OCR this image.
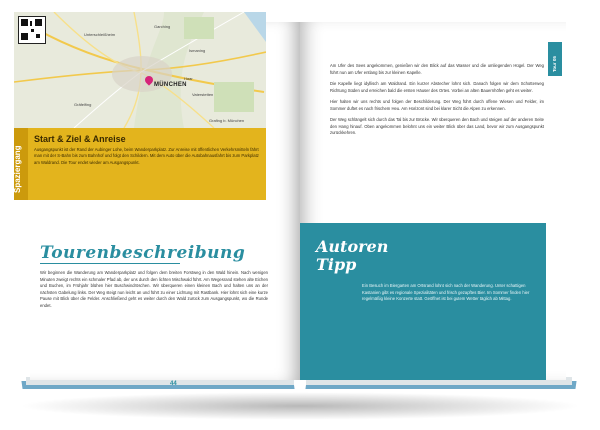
MÜNCHEN
Gräfelfing
Vaterstetten
Grafing b. München
Garching
Unterschleißheim
Haar
Ismaning
Spaziergang
Start & Ziel & Anreise
Ausgangspunkt ist der Rand der Aubinger Lohe, beim Wanderparkplatz. Zur Anreise mit öffentlichen Verkehrsmitteln fährt man mit der S-Bahn bis zum Bahnhof und folgt den Schildern. Mit dem Auto über die Autobahnausfahrt bis zum Parkplatz am Waldrand. Die Tour endet wieder am Ausgangspunkt.
Tourenbeschreibung
Wir beginnen die Wanderung am Wanderparkplatz und folgen dem breiten Forstweg in den Wald hinein. Nach wenigen Minuten zweigt rechts ein schmaler Pfad ab, der uns durch den lichten Mischwald führt. Am Wegesrand stehen alte Eichen und Buchen, im Frühjahr blühen hier Buschwindröschen. Wir überqueren einen kleinen Bach und halten uns an der nächsten Gabelung links. Der Weg steigt nun leicht an und führt zu einer Lichtung mit Rastbank. Hier lohnt sich eine kurze Pause mit Blick über die Felder. Anschließend geht es weiter durch den Wald zurück zum Ausgangspunkt, wo die Runde endet.
44
Tour 05

Am Ufer des Sees angekommen, genießen wir den Blick auf das Wasser und die umliegenden Hügel. Der Weg führt nun am Ufer entlang bis zur kleinen Kapelle.

Die Kapelle liegt idyllisch am Waldrand. Ein kurzer Abstecher lohnt sich. Danach folgen wir dem Schotterweg Richtung Süden und erreichen bald die ersten Häuser des Ortes. Vorbei an alten Bauernhöfen geht es weiter.

Hier halten wir uns rechts und folgen der Beschilderung. Der Weg führt durch offene Wiesen und Felder, im Sommer duftet es nach frischem Heu. Am Horizont sind bei klarer Sicht die Alpen zu erkennen.

Der Weg schlängelt sich durch das Tal bis zur Brücke. Wir überqueren den Bach und steigen auf der anderen Seite den Hang hinauf. Oben angekommen belohnt uns ein weiter Blick über das Land, bevor wir zum Ausgangspunkt zurückkehren.

Autoren
Tipp
Ein Besuch im Biergarten am Ortsrand lohnt sich nach der Wanderung. Unter schattigen Kastanien gibt es regionale Spezialitäten und frisch gezapftes Bier. Im Sommer finden hier regelmäßig kleine Konzerte statt. Geöffnet ist bei gutem Wetter täglich ab Mittag.
